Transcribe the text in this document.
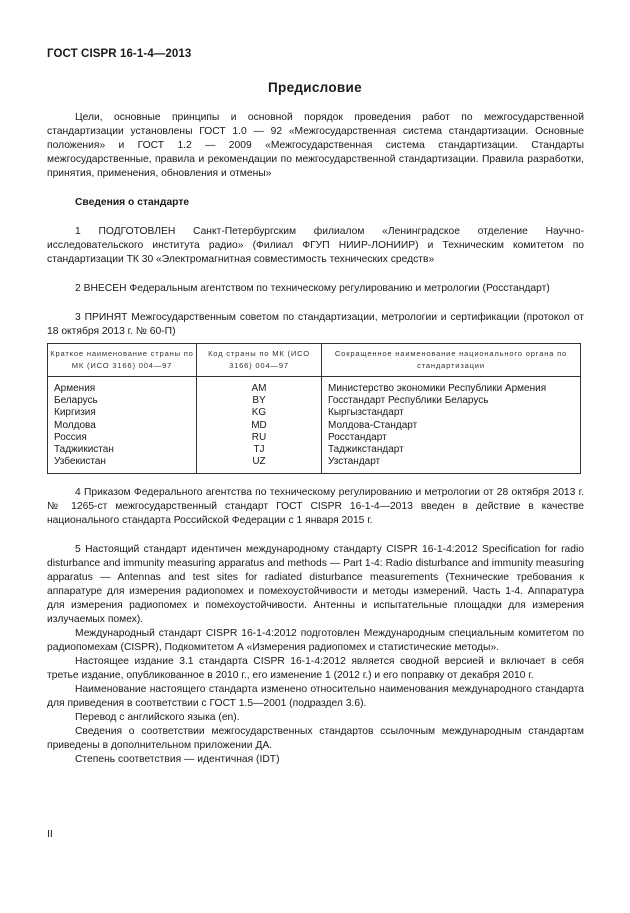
ГОСТ CISPR 16-1-4—2013
Предисловие

Цели, основные принципы и основной порядок проведения работ по межгосударственной стандартизации установлены ГОСТ 1.0 — 92 «Межгосударственная система стандартизации. Основные положения» и ГОСТ 1.2 — 2009 «Межгосударственная система стандартизации. Стандарты межгосударственные, правила и рекомендации по межгосударственной стандартизации. Правила разработки, принятия, применения, обновления и отмены»

Сведения о стандарте

1 ПОДГОТОВЛЕН Санкт-Петербургским филиалом «Ленинградское отделение Научно-исследовательского института радио» (Филиал ФГУП НИИР-ЛОНИИР) и Техническим комитетом по стандартизации ТК 30 «Электромагнитная совместимость технических средств»

2 ВНЕСЕН Федеральным агентством по техническому регулированию и метрологии (Росстандарт)

3 ПРИНЯТ Межгосударственным советом по стандартизации, метрологии и сертификации (протокол от 18 октября 2013 г. № 60-П)

Краткое наименование страны по МК (ИСО 3166) 004—97	Код страны по МК (ИСО 3166) 004—97	Сокращенное наименование национального органа по стандартизации
Армения	AM	Министерство экономики Республики Армения
Беларусь	BY	Госстандарт Республики Беларусь
Киргизия	KG	Кыргызстандарт
Молдова	MD	Молдова-Стандарт
Россия	RU	Росстандарт
Таджикистан	TJ	Таджикстандарт
Узбекистан	UZ	Узстандарт

4 Приказом Федерального агентства по техническому регулированию и метрологии от 28 октября 2013 г. № 1265-ст межгосударственный стандарт ГОСТ CISPR 16-1-4—2013 введен в действие в качестве национального стандарта Российской Федерации с 1 января 2015 г.

5 Настоящий стандарт идентичен международному стандарту CISPR 16-1-4:2012 Specification for radio disturbance and immunity measuring apparatus and methods — Part 1-4: Radio disturbance and immunity measuring apparatus — Antennas and test sites for radiated disturbance measurements (Технические требования к аппаратуре для измерения радиопомех и помехоустойчивости и методы измерений. Часть 1-4. Аппаратура для измерения радиопомех и помехоустойчивости. Антенны и испытательные площадки для измерения излучаемых помех).

Международный стандарт CISPR 16-1-4:2012 подготовлен Международным специальным комитетом по радиопомехам (CISPR), Подкомитетом А «Измерения радиопомех и статистические методы».

Настоящее издание 3.1 стандарта CISPR 16-1-4:2012 является сводной версией и включает в себя третье издание, опубликованное в 2010 г., его изменение 1 (2012 г.) и его поправку от декабря 2010 г.

Наименование настоящего стандарта изменено относительно наименования международного стандарта для приведения в соответствии с ГОСТ 1.5—2001 (подраздел 3.6).

Перевод с английского языка (en).

Сведения о соответствии межгосударственных стандартов ссылочным международным стандартам приведены в дополнительном приложении ДА.

Степень соответствия — идентичная (IDT)

II
